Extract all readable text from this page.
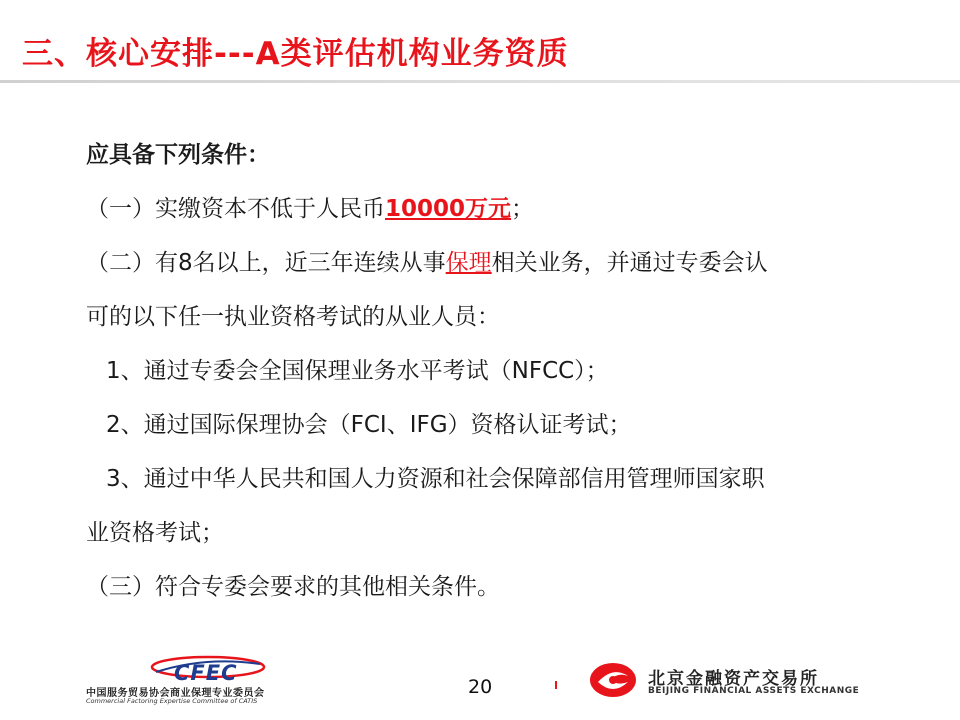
三、核心安排---A类评估机构业务资质

应具备下列条件：

（一）实缴资本不低于人民币10000万元；

（二）有8名以上，近三年连续从事保理相关业务，并通过专委会认

可的以下任一执业资格考试的从业人员：

1、通过专委会全国保理业务水平考试（NFCC）；

2、通过国际保理协会（FCI、IFG）资格认证考试；

3、通过中华人民共和国人力资源和社会保障部信用管理师国家职

业资格考试；

（三）符合专委会要求的其他相关条件。

CFEC
中国服务贸易协会商业保理专业委员会
Commercial Factoring Expertise Committee of CATIS
20	北京金融资产交易所
BEIJING FINANCIAL ASSETS EXCHANGE
